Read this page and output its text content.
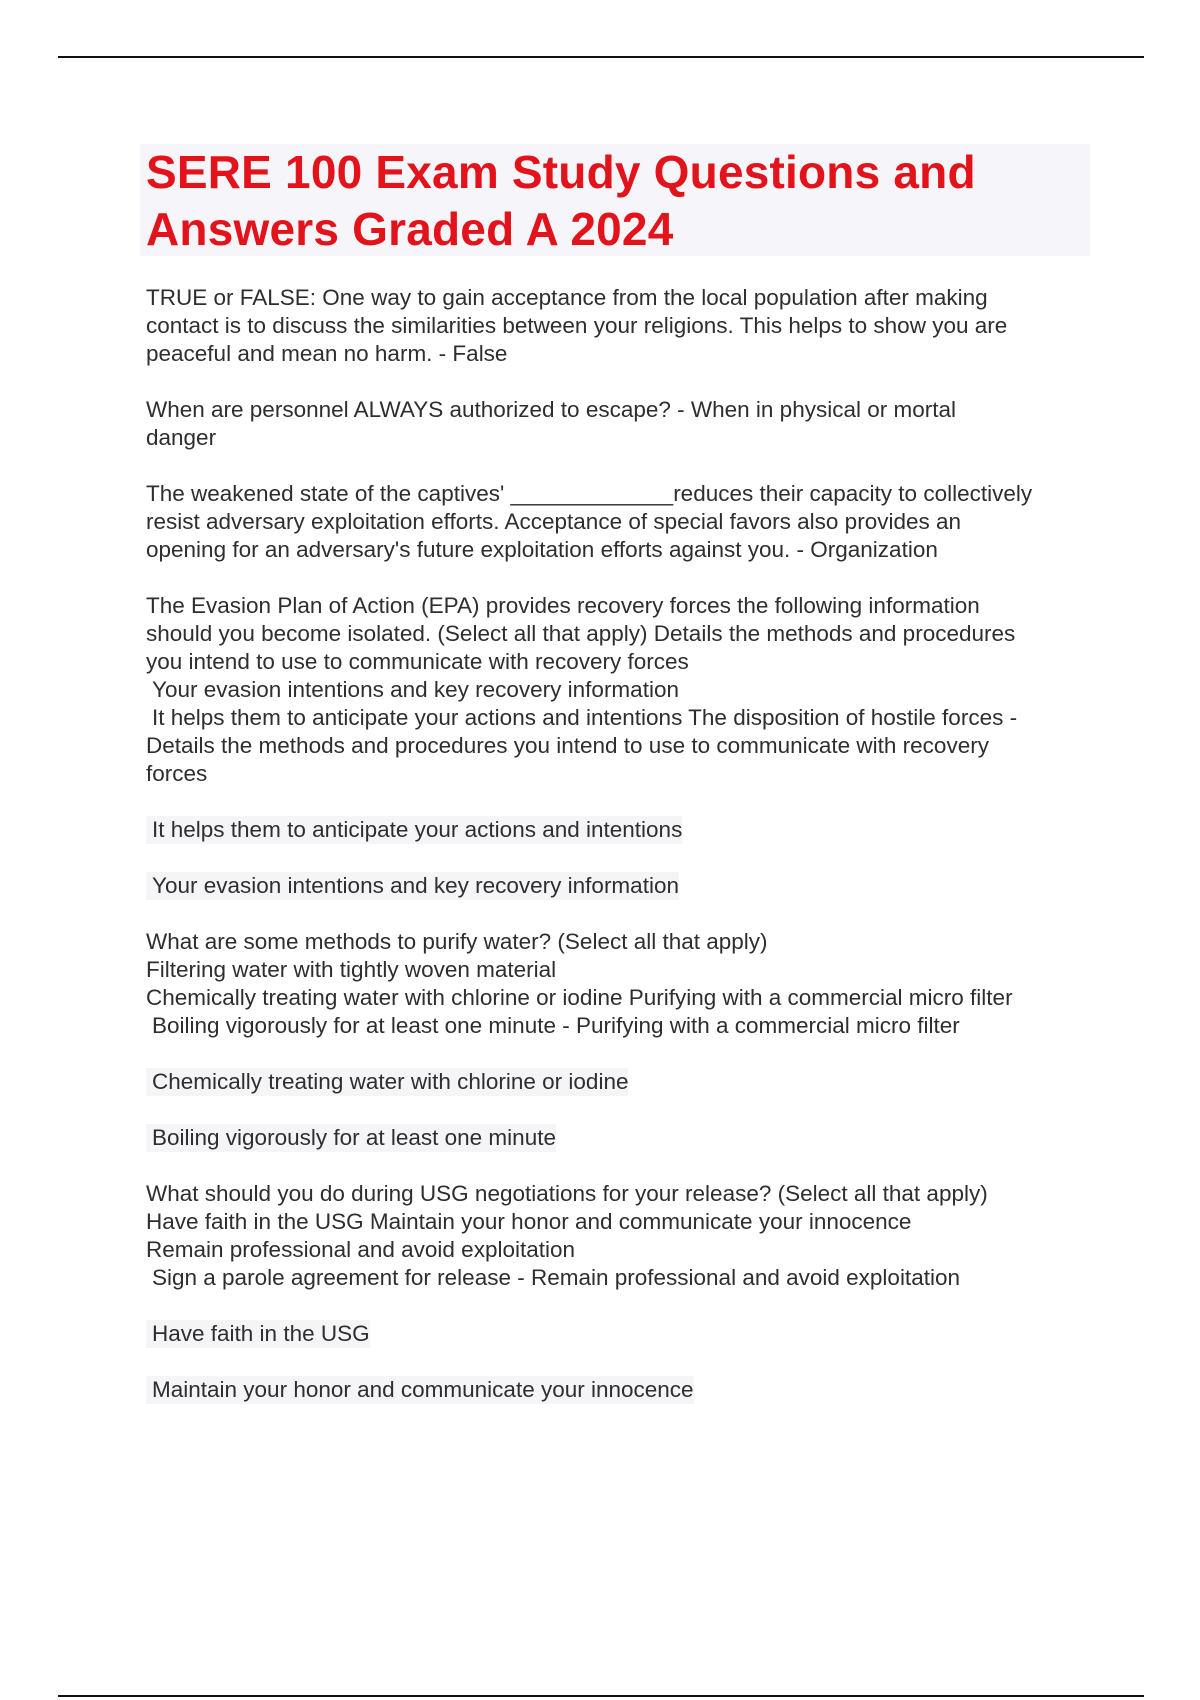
SERE 100 Exam Study Questions and
Answers Graded A 2024
TRUE or FALSE: One way to gain acceptance from the local population after making
contact is to discuss the similarities between your religions. This helps to show you are
peaceful and mean no harm. - False
When are personnel ALWAYS authorized to escape? - When in physical or mortal
danger
The weakened state of the captives' _____________reduces their capacity to collectively
resist adversary exploitation efforts. Acceptance of special favors also provides an
opening for an adversary's future exploitation efforts against you. - Organization
The Evasion Plan of Action (EPA) provides recovery forces the following information
should you become isolated. (Select all that apply) Details the methods and procedures
you intend to use to communicate with recovery forces
Your evasion intentions and key recovery information
It helps them to anticipate your actions and intentions The disposition of hostile forces -
Details the methods and procedures you intend to use to communicate with recovery
forces
It helps them to anticipate your actions and intentions
Your evasion intentions and key recovery information
What are some methods to purify water? (Select all that apply)
Filtering water with tightly woven material
Chemically treating water with chlorine or iodine Purifying with a commercial micro filter
Boiling vigorously for at least one minute - Purifying with a commercial micro filter
Chemically treating water with chlorine or iodine
Boiling vigorously for at least one minute
What should you do during USG negotiations for your release? (Select all that apply)
Have faith in the USG Maintain your honor and communicate your innocence
Remain professional and avoid exploitation
Sign a parole agreement for release - Remain professional and avoid exploitation
Have faith in the USG
Maintain your honor and communicate your innocence
